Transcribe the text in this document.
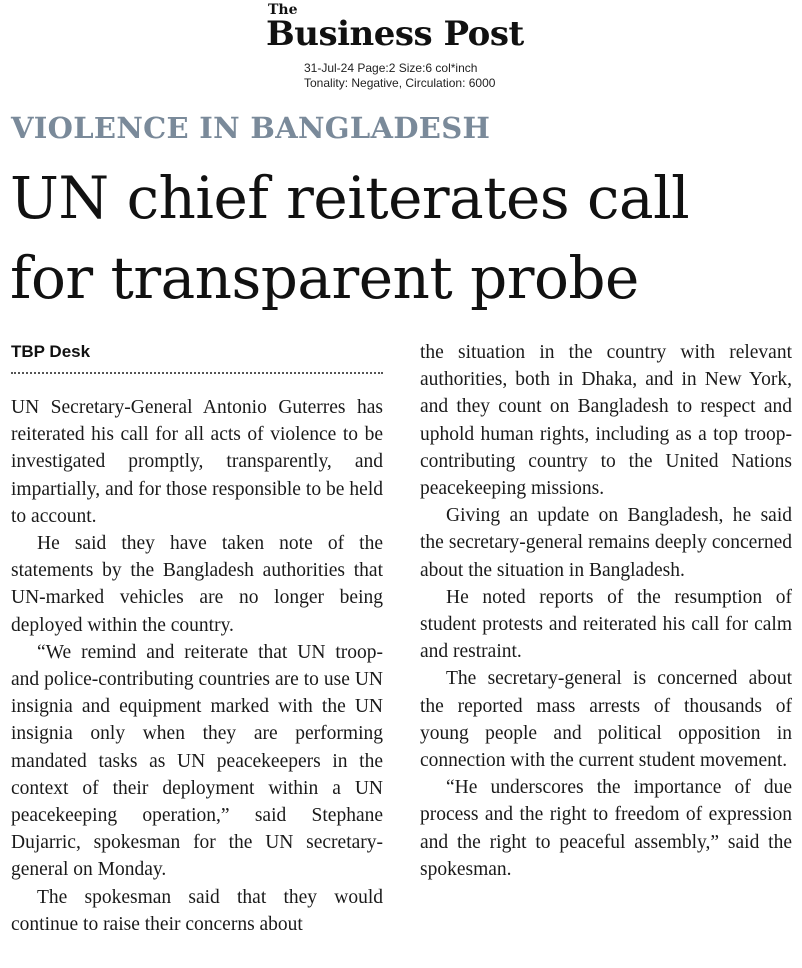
The
Business Post
31-Jul-24 Page:2 Size:6 col*inch
Tonality: Negative, Circulation: 6000
VIOLENCE IN BANGLADESH
UN chief reiterates call
for transparent probe
TBP Desk

UN Secretary-General Antonio Guterres has reiterated his call for all acts of violence to be investigated promptly, transparently, and impartially, and for those responsible to be held to account.

He said they have taken note of the statements by the Bangladesh authorities that UN-marked vehicles are no longer being deployed within the country.

“We remind and reiterate that UN troop- and police-contributing countries are to use UN insignia and equipment marked with the UN insignia only when they are performing mandated tasks as UN peacekeepers in the context of their deployment within a UN peacekeeping operation,” said Stephane Dujarric, spokesman for the UN secretary-general on Monday.

The spokesman said that they would continue to raise their concerns about

the situation in the country with relevant authorities, both in Dhaka, and in New York, and they count on Bangladesh to respect and uphold human rights, including as a top troop-contributing country to the United Nations peacekeeping missions.

Giving an update on Bangladesh, he said the secretary-general remains deeply concerned about the situation in Bangladesh.

He noted reports of the resumption of student protests and reiterated his call for calm and restraint.

The secretary-general is concerned about the reported mass arrests of thousands of young people and political opposition in connection with the current student movement.

“He underscores the importance of due process and the right to freedom of expression and the right to peaceful assembly,” said the spokesman.
